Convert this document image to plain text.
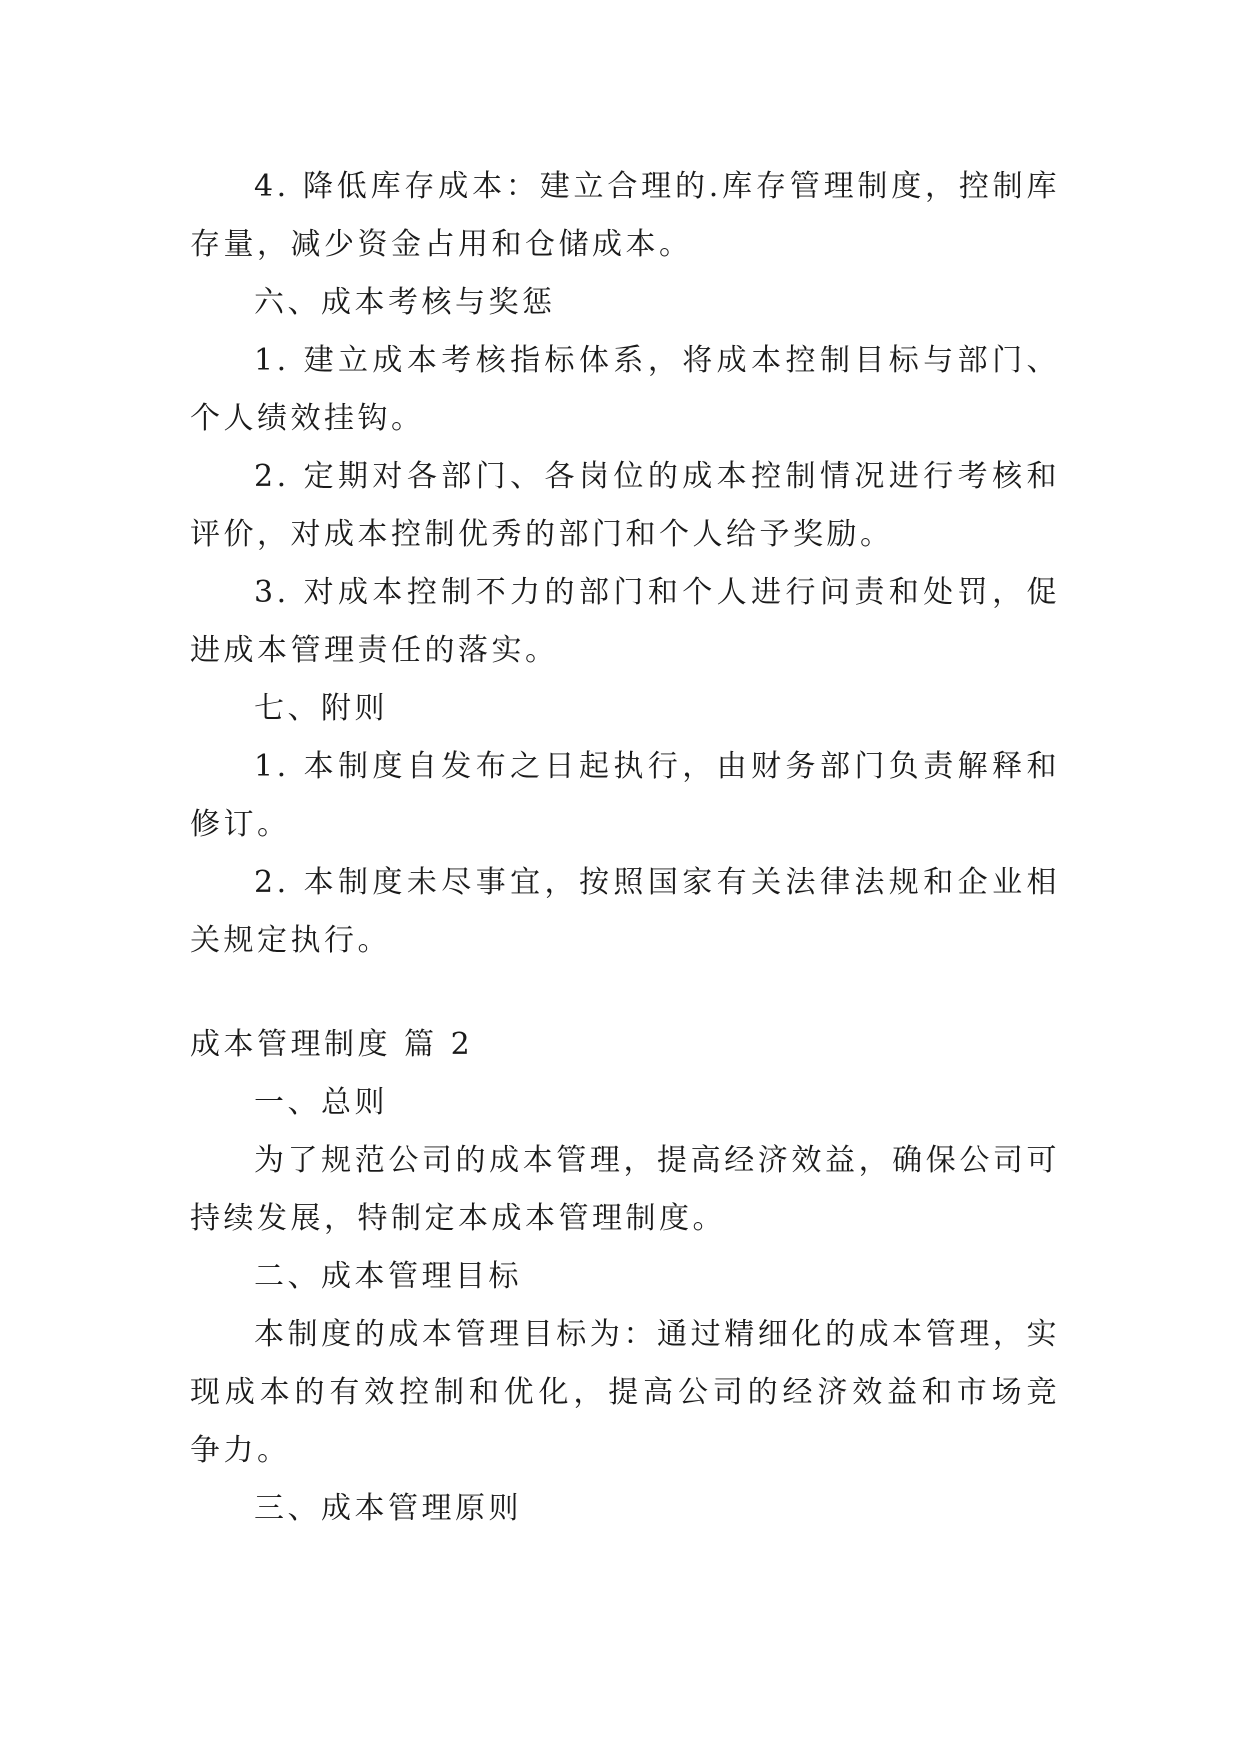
4. 降低库存成本：建立合理的.库存管理制度，控制库存量，减少资金占用和仓储成本。

六、成本考核与奖惩

1. 建立成本考核指标体系，将成本控制目标与部门、个人绩效挂钩。

2. 定期对各部门、各岗位的成本控制情况进行考核和评价，对成本控制优秀的部门和个人给予奖励。

3. 对成本控制不力的部门和个人进行问责和处罚，促进成本管理责任的落实。

七、附则

1. 本制度自发布之日起执行，由财务部门负责解释和修订。

2. 本制度未尽事宜，按照国家有关法律法规和企业相关规定执行。

成本管理制度 篇 2

一、总则

为了规范公司的成本管理，提高经济效益，确保公司可持续发展，特制定本成本管理制度。

二、成本管理目标

本制度的成本管理目标为：通过精细化的成本管理，实现成本的有效控制和优化，提高公司的经济效益和市场竞争力。

三、成本管理原则
